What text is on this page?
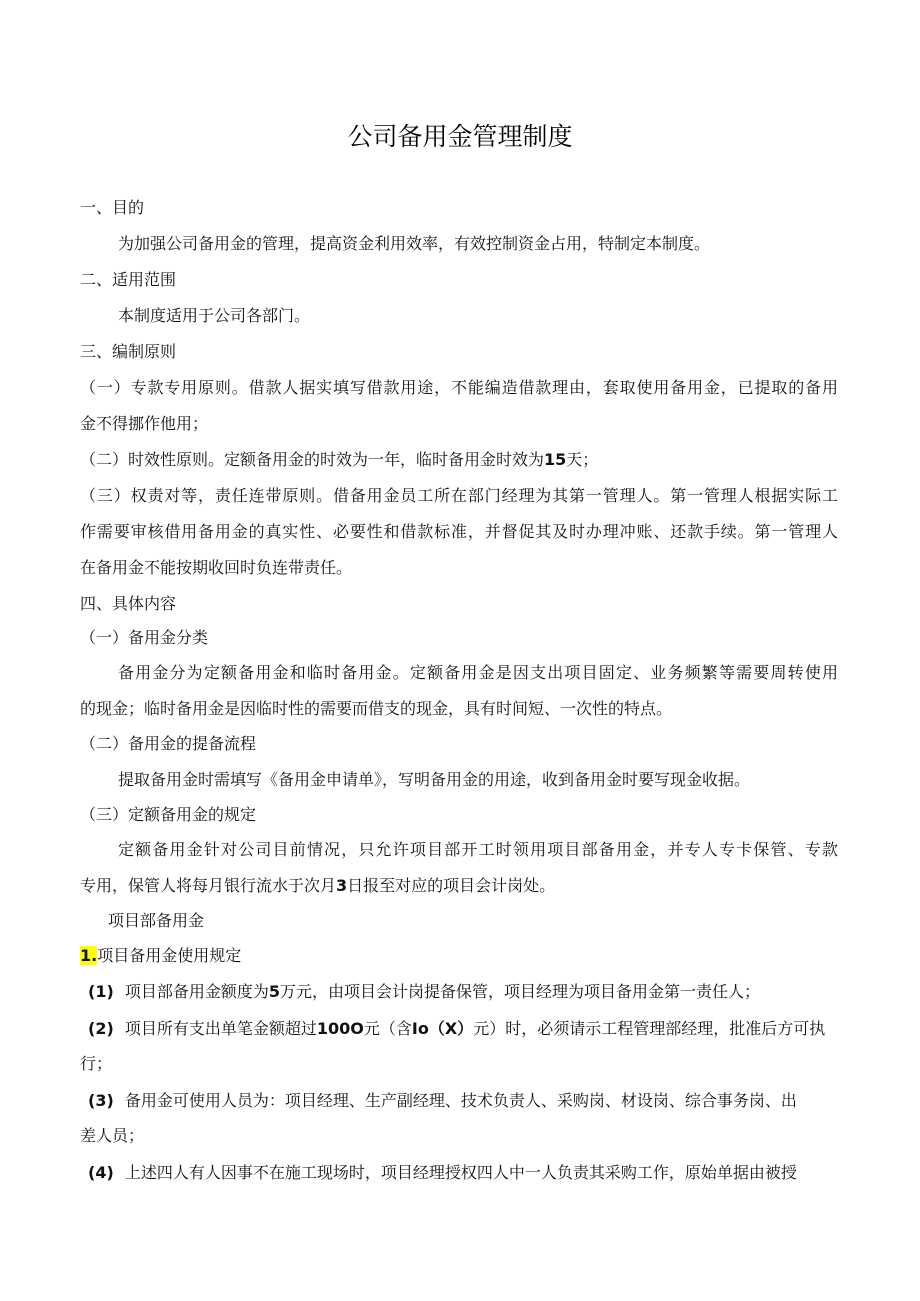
公司备用金管理制度
一、目的
为加强公司备用金的管理，提高资金利用效率，有效控制资金占用，特制定本制度。
二、适用范围
本制度适用于公司各部门。
三、编制原则
（一）专款专用原则。借款人据实填写借款用途，不能编造借款理由，套取使用备用金，已提取的备用
金不得挪作他用；
（二）时效性原则。定额备用金的时效为一年，临时备用金时效为15天；
（三）权责对等，责任连带原则。借备用金员工所在部门经理为其第一管理人。第一管理人根据实际工
作需要审核借用备用金的真实性、必要性和借款标准，并督促其及时办理冲账、还款手续。第一管理人
在备用金不能按期收回时负连带责任。
四、具体内容
（一）备用金分类
备用金分为定额备用金和临时备用金。定额备用金是因支出项目固定、业务频繁等需要周转使用
的现金；临时备用金是因临时性的需要而借支的现金，具有时间短、一次性的特点。
（二）备用金的提备流程
提取备用金时需填写《备用金申请单》，写明备用金的用途，收到备用金时要写现金收据。
（三）定额备用金的规定
定额备用金针对公司目前情况，只允许项目部开工时领用项目部备用金，并专人专卡保管、专款
专用，保管人将每月银行流水于次月3日报至对应的项目会计岗处。
项目部备用金
1.项目备用金使用规定
(1) 项目部备用金额度为5万元，由项目会计岗提备保管，项目经理为项目备用金第一责任人；
(2) 项目所有支出单笔金额超过100O元（含Io（X）元）时，必须请示工程管理部经理，批准后方可执
行；
(3) 备用金可使用人员为：项目经理、生产副经理、技术负责人、采购岗、材设岗、综合事务岗、出
差人员；
(4) 上述四人有人因事不在施工现场时，项目经理授权四人中一人负责其采购工作，原始单据由被授
